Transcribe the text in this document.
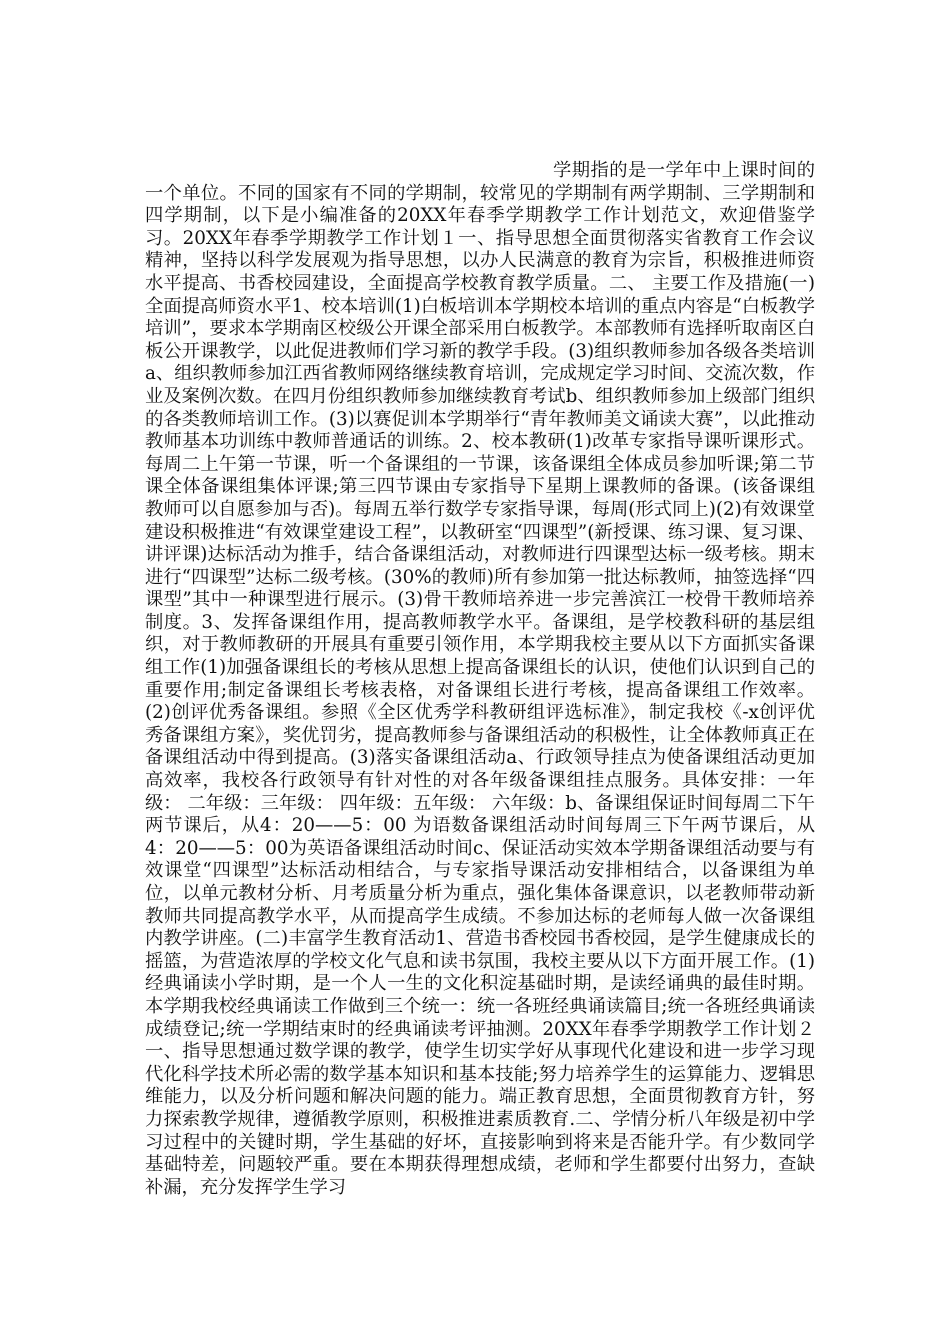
学期指的是一学年中上课时间的一个单位。不同的国家有不同的学期制，较常见的学期制有两学期制、三学期制和四学期制，以下是小编准备的20XX年春季学期教学工作计划范文，欢迎借鉴学习。20XX年春季学期教学工作计划１一、指导思想全面贯彻落实省教育工作会议精神，坚持以科学发展观为指导思想，以办人民满意的教育为宗旨，积极推进师资水平提高、书香校园建设，全面提高学校教育教学质量。二、 主要工作及措施(一)全面提高师资水平1、校本培训(1)白板培训本学期校本培训的重点内容是“白板教学培训”，要求本学期南区校级公开课全部采用白板教学。本部教师有选择听取南区白板公开课教学，以此促进教师们学习新的教学手段。(3)组织教师参加各级各类培训a、组织教师参加江西省教师网络继续教育培训，完成规定学习时间、交流次数，作业及案例次数。在四月份组织教师参加继续教育考试b、组织教师参加上级部门组织的各类教师培训工作。(3)以赛促训本学期举行“青年教师美文诵读大赛”，以此推动教师基本功训练中教师普通话的训练。2、校本教研(1)改革专家指导课听课形式。每周二上午第一节课，听一个备课组的一节课，该备课组全体成员参加听课;第二节课全体备课组集体评课;第三四节课由专家指导下星期上课教师的备课。(该备课组教师可以自愿参加与否)。每周五举行数学专家指导课，每周(形式同上)(2)有效课堂建设积极推进“有效课堂建设工程”，以教研室“四课型”(新授课、练习课、复习课、讲评课)达标活动为推手，结合备课组活动，对教师进行四课型达标一级考核。期末进行“四课型”达标二级考核。(30%的教师)所有参加第一批达标教师，抽签选择“四课型”其中一种课型进行展示。(3)骨干教师培养进一步完善滨江一校骨干教师培养制度。3、发挥备课组作用，提高教师教学水平。备课组，是学校教科研的基层组织，对于教师教研的开展具有重要引领作用，本学期我校主要从以下方面抓实备课组工作(1)加强备课组长的考核从思想上提高备课组长的认识，使他们认识到自己的重要作用;制定备课组长考核表格，对备课组长进行考核，提高备课组工作效率。(2)创评优秀备课组。参照《全区优秀学科教研组评选标准》，制定我校《-x创评优秀备课组方案》，奖优罚劣，提高教师参与备课组活动的积极性，让全体教师真正在备课组活动中得到提高。(3)落实备课组活动a、行政领导挂点为使备课组活动更加高效率，我校各行政领导有针对性的对各年级备课组挂点服务。具体安排：一年级： 二年级：三年级： 四年级：五年级： 六年级：b、备课组保证时间每周二下午两节课后，从4：20——5：00 为语数备课组活动时间每周三下午两节课后，从4：20——5：00为英语备课组活动时间c、保证活动实效本学期备课组活动要与有效课堂“四课型”达标活动相结合，与专家指导课活动安排相结合，以备课组为单位，以单元教材分析、月考质量分析为重点，强化集体备课意识，以老教师带动新教师共同提高教学水平，从而提高学生成绩。不参加达标的老师每人做一次备课组内教学讲座。(二)丰富学生教育活动1、营造书香校园书香校园，是学生健康成长的摇篮，为营造浓厚的学校文化气息和读书氛围，我校主要从以下方面开展工作。(1)经典诵读小学时期，是一个人一生的文化积淀基础时期，是读经诵典的最佳时期。本学期我校经典诵读工作做到三个统一：统一各班经典诵读篇目;统一各班经典诵读成绩登记;统一学期结束时的经典诵读考评抽测。20XX年春季学期教学工作计划２一、指导思想通过数学课的教学，使学生切实学好从事现代化建设和进一步学习现代化科学技术所必需的数学基本知识和基本技能;努力培养学生的运算能力、逻辑思维能力，以及分析问题和解决问题的能力。端正教育思想，全面贯彻教育方针，努力探索教学规律，遵循教学原则，积极推进素质教育.二、学情分析八年级是初中学习过程中的关键时期，学生基础的好坏，直接影响到将来是否能升学。有少数同学基础特差，问题较严重。要在本期获得理想成绩，老师和学生都要付出努力，查缺补漏，充分发挥学生学习
